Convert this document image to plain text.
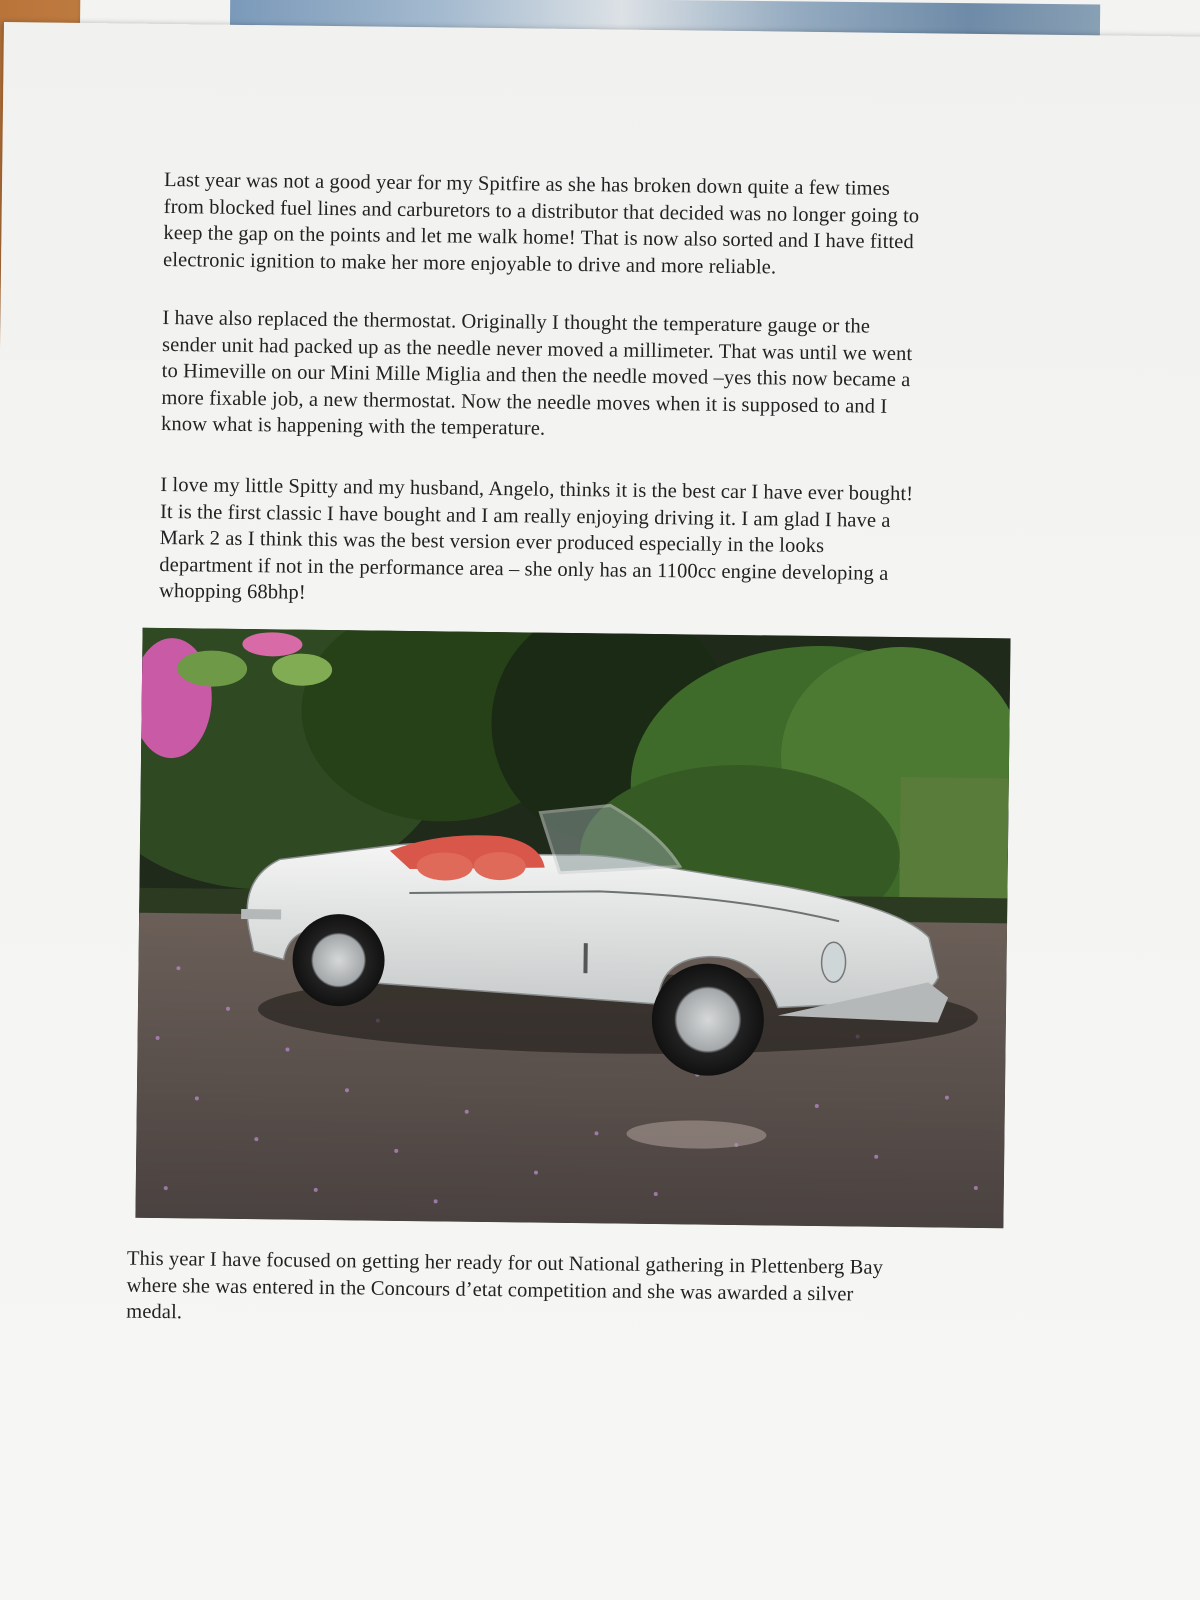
Last year was not a good year for my Spitfire as she has broken down quite a few times
from blocked fuel lines and carburetors to a distributor that decided was no longer going to
keep the gap on the points and let me walk home! That is now also sorted and I have fitted
electronic ignition to make her more enjoyable to drive and more reliable.
I have also replaced the thermostat. Originally I thought the temperature gauge or the
sender unit had packed up as the needle never moved a millimeter. That was until we went
to Himeville on our Mini Mille Miglia and then the needle moved –yes this now became a
more fixable job, a new thermostat. Now the needle moves when it is supposed to and I
know what is happening with the temperature.
I love my little Spitty and my husband, Angelo, thinks it is the best car I have ever bought!
It is the first classic I have bought and I am really enjoying driving it. I am glad I have a
Mark 2 as I think this was the best version ever produced especially in the looks
department if not in the performance area – she only has an 1100cc engine developing a
whopping 68bhp!
This year I have focused on getting her ready for out National gathering in Plettenberg Bay
where she was entered in the Concours d’etat competition and she was awarded a silver
medal.
